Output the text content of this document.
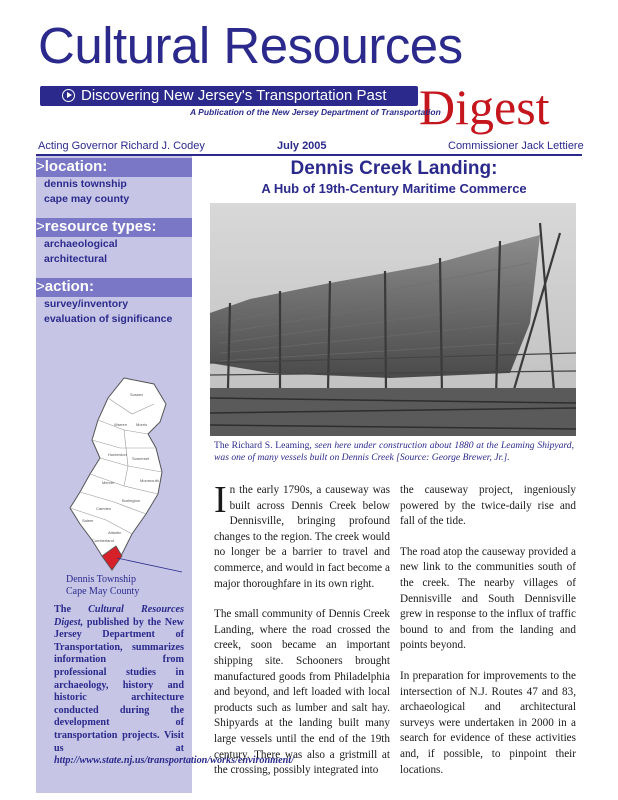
Cultural Resources
Discovering New Jersey's Transportation Past Digest
A Publication of the New Jersey Department of Transportation
Acting Governor Richard J. Codey	July 2005	Commissioner Jack Lettiere
>location:
dennis township
cape may county
>resource types:
archaeological
architectural
>action:
survey/inventory
evaluation of significance
Sussex
Warren Morris
Hunterdon
Somerset
Monmouth
Mercer
Burlington
Camden
Salem
Atlantic
Cumberland
Dennis Township
Cape May County
The Cultural Resources Digest, published by the New Jersey Department of Transportation, summarizes information from professional studies in archaeology, history and historic architecture conducted during the development of transportation projects. Visit us at http://www.state.nj.us/transportation/works/environment/
Dennis Creek Landing:
A Hub of 19th-Century Maritime Commerce
The Richard S. Leaming, seen here under construction about 1880 at the Leaming Shipyard, was one of many vessels built on Dennis Creek [Source: George Brewer, Jr.].

In the early 1790s, a causeway was built across Dennis Creek below Dennisville, bringing profound changes to the region. The creek would no longer be a barrier to travel and commerce, and would in fact become a major thoroughfare in its own right.

The small community of Dennis Creek Landing, where the road crossed the creek, soon became an important shipping site. Schooners brought manufactured goods from Philadelphia and beyond, and left loaded with local products such as lumber and salt hay. Shipyards at the landing built many large vessels until the end of the 19th century. There was also a gristmill at the crossing, possibly integrated into

the causeway project, ingeniously powered by the twice-daily rise and fall of the tide.

The road atop the causeway provided a new link to the communities south of the creek. The nearby villages of Dennisville and South Dennisville grew in response to the influx of traffic bound to and from the landing and points beyond.

In preparation for improvements to the intersection of N.J. Routes 47 and 83, archaeological and architectural surveys were undertaken in 2000 in a search for evidence of these activities and, if possible, to pinpoint their locations.
